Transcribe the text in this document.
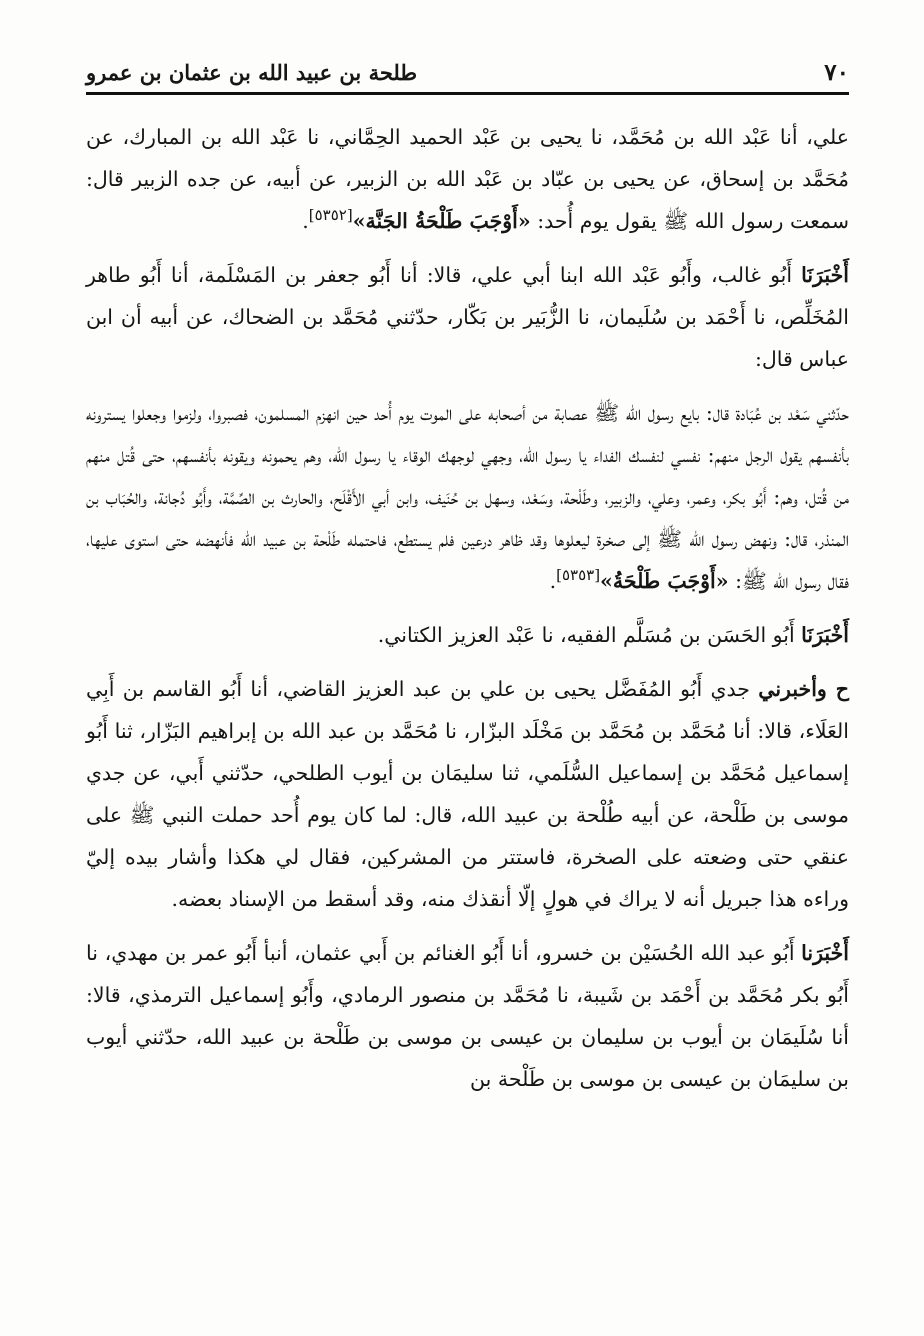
٧٠
طلحة بن عبيد الله بن عثمان بن عمرو

علي، أنا عَبْد الله بن مُحَمَّد، نا يحيى بن عَبْد الحميد الحِمَّاني، نا عَبْد الله بن المبارك، عن مُحَمَّد بن إسحاق، عن يحيى بن عبّاد بن عَبْد الله بن الزبير، عن أبيه، عن جده الزبير قال: سمعت رسول الله ﷺ يقول يوم أُحد: «أَوْجَبَ طَلْحَةُ الجَنَّة»[٥٣٥٢].

أَخْبَرَنَا أَبُو غالب، وأَبُو عَبْد الله ابنا أبي علي، قالا: أنا أَبُو جعفر بن المَسْلَمة، أنا أَبُو طاهر المُخَلِّص، نا أَحْمَد بن سُلَيمان، نا الزُّبَير بن بَكّار، حدّثني مُحَمَّد بن الضحاك، عن أبيه أن ابن عباس قال:

حدّثني سَعْد بن عُبَادة قال: بايع رسول الله ﷺ عصابة من أصحابه على الموت يوم أُحد حين انهزم المسلمون، فصبروا، ولزموا وجعلوا يسترونه بأنفسهم يقول الرجل منهم: نفسي لنفسك الفداء يا رسول الله، وجهي لوجهك الوقاء يا رسول الله، وهم يحمونه ويقونه بأنفسهم، حتى قُتل منهم من قُتل، وهم: أَبُو بكر، وعمر، وعلي، والزبير، وطَلْحة، وسَعْد، وسهل بن حُنَيف، وابن أبي الأَقْلَح، والحارث بن الصِّمَّة، وأَبُو دُجانة، والحُبَاب بن المنذر، قال: ونهض رسول الله ﷺ إلى صخرة ليعلوها وقد ظاهر درعين فلم يستطع، فاحتمله طَلْحة بن عبيد الله فأنهضه حتى استوى عليها، فقال رسول الله ﷺ: «أَوْجَبَ طَلْحَةُ»[٥٣٥٣].

أَخْبَرَنَا أَبُو الحَسَن بن مُسَلَّم الفقيه، نا عَبْد العزيز الكتاني.

ح وأخبرني جدي أَبُو المُفَضَّل يحيى بن علي بن عبد العزيز القاضي، أنا أَبُو القاسم بن أَبِي العَلَاء، قالا: أنا مُحَمَّد بن مُحَمَّد بن مَخْلَد البزّار، نا مُحَمَّد بن عبد الله بن إبراهيم البَزّار، ثنا أَبُو إسماعيل مُحَمَّد بن إسماعيل السُّلَمي، ثنا سليمَان بن أيوب الطلحي، حدّثني أَبي، عن جدي موسى بن طَلْحة، عن أبيه طُلْحة بن عبيد الله، قال: لما كان يوم أُحد حملت النبي ﷺ على عنقي حتى وضعته على الصخرة، فاستتر من المشركين، فقال لي هكذا وأشار بيده إليّ وراءه هذا جبريل أنه لا يراك في هولٍ إلّا أنقذك منه، وقد أسقط من الإسناد بعضه.

أَخْبَرَنا أَبُو عبد الله الحُسَيْن بن خسرو، أنا أَبُو الغنائم بن أَبي عثمان، أنبأ أَبُو عمر بن مهدي، نا أَبُو بكر مُحَمَّد بن أَحْمَد بن شَيبة، نا مُحَمَّد بن منصور الرمادي، وأَبُو إسماعيل الترمذي، قالا: أنا سُلَيمَان بن أيوب بن سليمان بن عيسى بن موسى بن طَلْحة بن عبيد الله، حدّثني أيوب بن سليمَان بن عيسى بن موسى بن طَلْحة بن
